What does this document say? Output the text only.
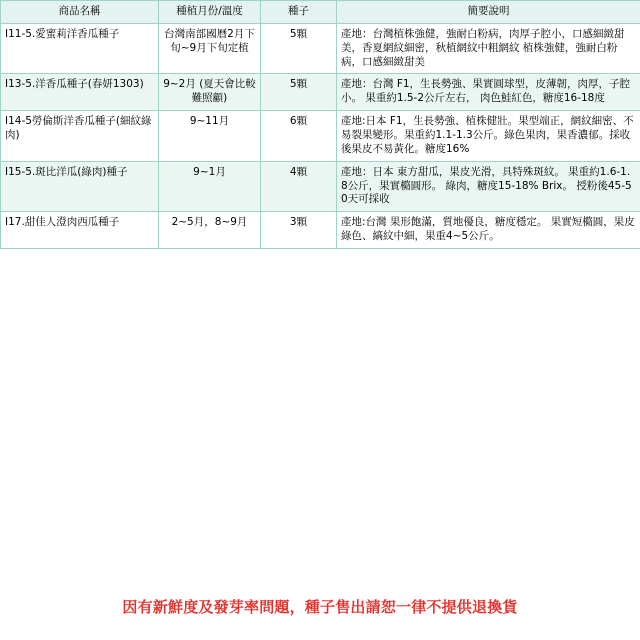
商品名稱	種植月份/溫度	種子	簡要說明
I11-5.愛蜜莉洋香瓜種子	台灣南部國曆2月下旬~9月下旬定植	5顆	產地：台灣植株強健，強耐白粉病，肉厚子腔小，口感細緻甜美，香夏網紋細密，秋植網紋中粗網紋 植株強健，強耐白粉病，口感細緻甜美
I13-5.洋香瓜種子(春妍1303)	9~2月 (夏天會比較難照顧)	5顆	產地：台灣 F1，生長勢強、果實圓球型，皮薄韌，肉厚，子腔小。 果重約1.5-2公斤左右， 肉色鮭紅色，糖度16-18度
I14-5勞倫斯洋香瓜種子(細紋綠肉)	9~11月	6顆	產地:日本 F1，生長勢強、植株健壯。果型端正，網紋細密、不易裂果變形。果重約1.1-1.3公斤。綠色果肉，果香濃郁。採收後果皮不易黃化。糖度16%
I15-5.斑比洋瓜(綠肉)種子	9~1月	4顆	產地：日本 東方甜瓜，果皮光滑，具特殊斑紋。 果重約1.6-1.8公斤，果實橢圓形。 綠肉，糖度15-18% Brix。 授粉後45-50天可採收
I17.甜佳人澄肉西瓜種子	2~5月，8~9月	3顆	產地:台灣 果形飽滿，質地優良，糖度穩定。 果實短橢圓，果皮綠色、縞紋中細，果重4~5公斤。
因有新鮮度及發芽率問題，種子售出請恕一律不提供退換貨
